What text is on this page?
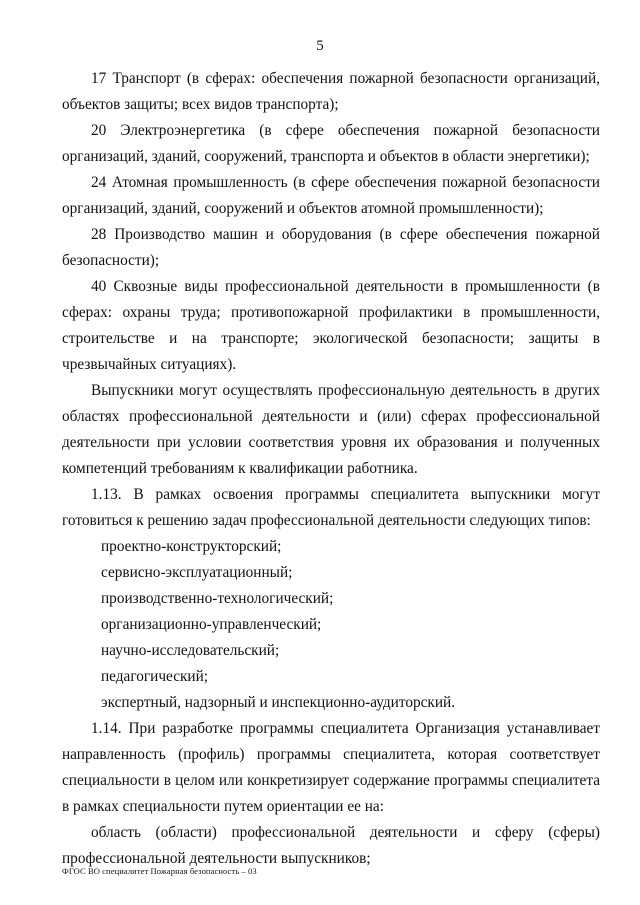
5

17 Транспорт (в сферах: обеспечения пожарной безопасности организаций, объектов защиты; всех видов транспорта);

20 Электроэнергетика (в сфере обеспечения пожарной безопасности организаций, зданий, сооружений, транспорта и объектов в области энергетики);

24 Атомная промышленность (в сфере обеспечения пожарной безопасности организаций, зданий, сооружений и объектов атомной промышленности);

28 Производство машин и оборудования (в сфере обеспечения пожарной безопасности);

40 Сквозные виды профессиональной деятельности в промышленности (в сферах: охраны труда; противопожарной профилактики в промышленности, строительстве и на транспорте; экологической безопасности; защиты в чрезвычайных ситуациях).

Выпускники могут осуществлять профессиональную деятельность в других областях профессиональной деятельности и (или) сферах профессиональной деятельности при условии соответствия уровня их образования и полученных компетенций требованиям к квалификации работника.

1.13. В рамках освоения программы специалитета выпускники могут готовиться к решению задач профессиональной деятельности следующих типов:

проектно-конструкторский;

сервисно-эксплуатационный;

производственно-технологический;

организационно-управленческий;

научно-исследовательский;

педагогический;

экспертный, надзорный и инспекционно-аудиторский.

1.14. При разработке программы специалитета Организация устанавливает направленность (профиль) программы специалитета, которая соответствует специальности в целом или конкретизирует содержание программы специалитета в рамках специальности путем ориентации ее на:

область (области) профессиональной деятельности и сферу (сферы) профессиональной деятельности выпускников;

ФГОС ВО специалитет Пожарная безопасность – 03
